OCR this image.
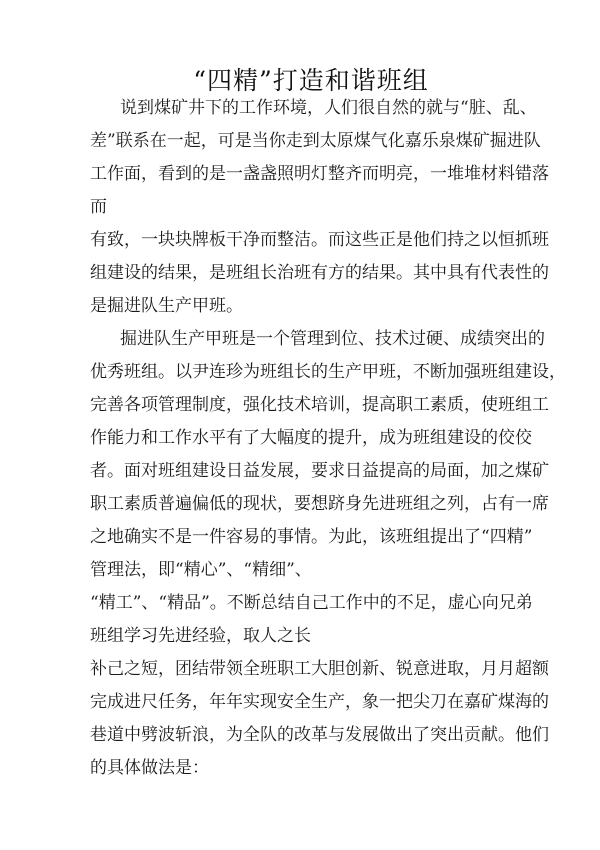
“四精”打造和谐班组
说到煤矿井下的工作环境，人们很自然的就与“脏、乱、
差”联系在一起，可是当你走到太原煤气化嘉乐泉煤矿掘进队
工作面，看到的是一盏盏照明灯整齐而明亮，一堆堆材料错落
而
有致，一块块牌板干净而整洁。而这些正是他们持之以恒抓班
组建设的结果，是班组长治班有方的结果。其中具有代表性的
是掘进队生产甲班。
掘进队生产甲班是一个管理到位、技术过硬、成绩突出的
优秀班组。以尹连珍为班组长的生产甲班，不断加强班组建设，
完善各项管理制度，强化技术培训，提高职工素质，使班组工
作能力和工作水平有了大幅度的提升，成为班组建设的佼佼
者。面对班组建设日益发展，要求日益提高的局面，加之煤矿
职工素质普遍偏低的现状，要想跻身先进班组之列，占有一席
之地确实不是一件容易的事情。为此，该班组提出了“四精”
管理法，即“精心”、“精细”、
“精工”、“精品”。不断总结自己工作中的不足，虚心向兄弟
班组学习先进经验，取人之长
补己之短，团结带领全班职工大胆创新、锐意进取，月月超额
完成进尺任务，年年实现安全生产，象一把尖刀在嘉矿煤海的
巷道中劈波斩浪，为全队的改革与发展做出了突出贡献。他们
的具体做法是：
